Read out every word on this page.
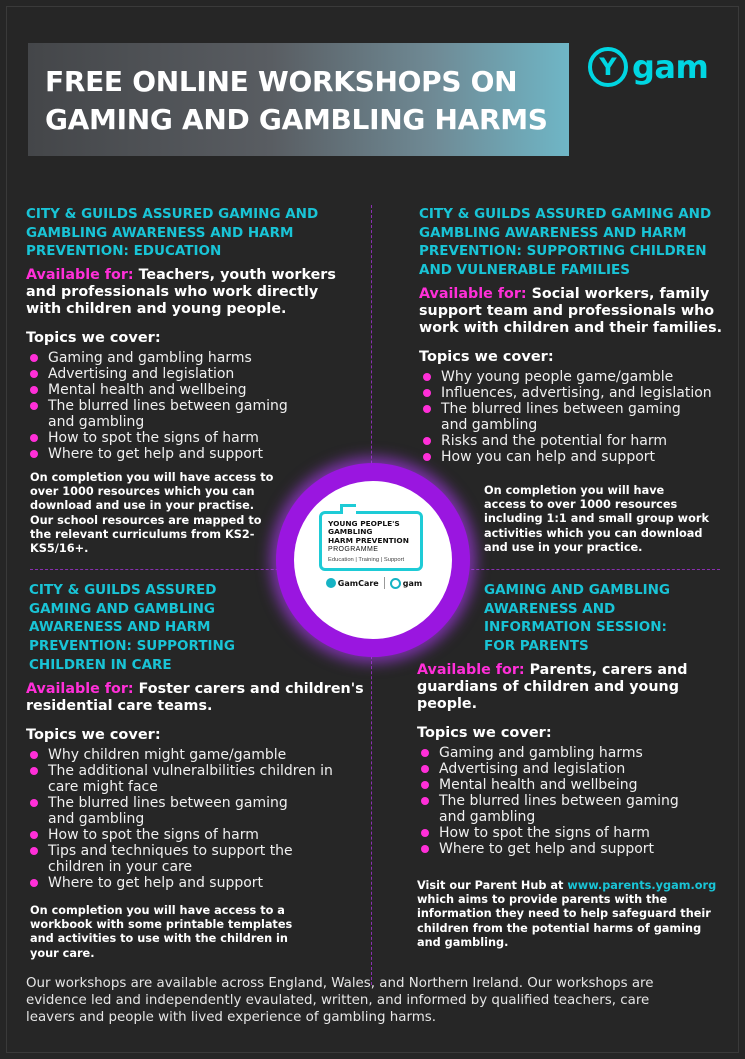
FREE ONLINE WORKSHOPS ON
GAMING AND GAMBLING HARMS
Y gam
CITY & GUILDS ASSURED GAMING AND
GAMBLING AWARENESS AND HARM
PREVENTION: EDUCATION
Available for: Teachers, youth workers
and professionals who work directly
with children and young people.
Topics we cover:
Gaming and gambling harms
Advertising and legislation
Mental health and wellbeing
The blurred lines between gaming
and gambling
How to spot the signs of harm
Where to get help and support
On completion you will have access to
over 1000 resources which you can
download and use in your practise.
Our school resources are mapped to
the relevant curriculums from KS2-
KS5/16+.
CITY & GUILDS ASSURED GAMING AND
GAMBLING AWARENESS AND HARM
PREVENTION: SUPPORTING CHILDREN
AND VULNERABLE FAMILIES
Available for: Social workers, family
support team and professionals who
work with children and their families.
Topics we cover:
Why young people game/gamble
Influences, advertising, and legislation
The blurred lines between gaming
and gambling
Risks and the potential for harm
How you can help and support
On completion you will have
access to over 1000 resources
including 1:1 and small group work
activities which you can download
and use in your practice.
YOUNG PEOPLE'S
GAMBLING
HARM PREVENTION
PROGRAMME
Education | Training | Support
GamCare	gam
CITY & GUILDS ASSURED
GAMING AND GAMBLING
AWARENESS AND HARM
PREVENTION: SUPPORTING
CHILDREN IN CARE
Available for: Foster carers and children's
residential care teams.
Topics we cover:
Why children might game/gamble
The additional vulneralbilities children in
care might face
The blurred lines between gaming
and gambling
How to spot the signs of harm
Tips and techniques to support the
children in your care
Where to get help and support
On completion you will have access to a
workbook with some printable templates
and activities to use with the children in
your care.
GAMING AND GAMBLING
AWARENESS AND
INFORMATION SESSION:
FOR PARENTS
Available for: Parents, carers and
guardians of children and young
people.
Topics we cover:
Gaming and gambling harms
Advertising and legislation
Mental health and wellbeing
The blurred lines between gaming
and gambling
How to spot the signs of harm
Where to get help and support
Visit our Parent Hub at www.parents.ygam.org
which aims to provide parents with the
information they need to help safeguard their
children from the potential harms of gaming
and gambling.
Our workshops are available across England, Wales, and Northern Ireland. Our workshops are
evidence led and independently evaulated, written, and informed by qualified teachers, care
leavers and people with lived experience of gambling harms.
